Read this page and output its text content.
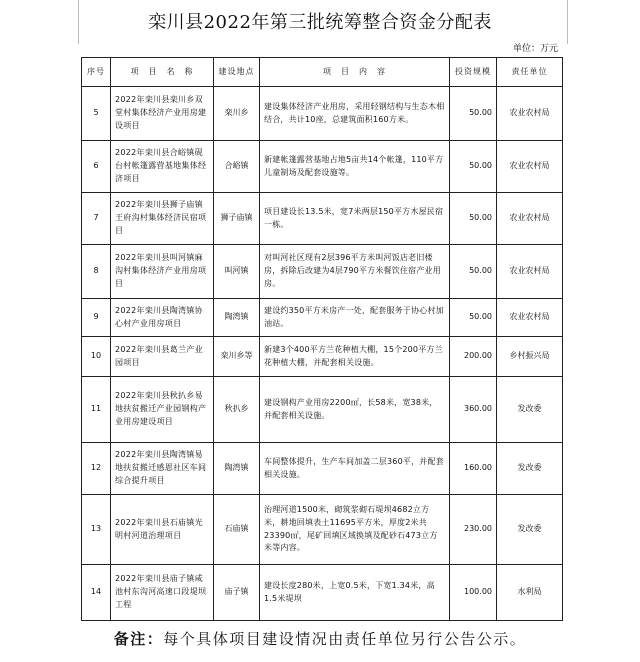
栾川县2022年第三批统筹整合资金分配表
单位：万元
序号	项　目　名　称	建设地点	项　目　内　容	投资规模	责任单位
5	2022年栾川县栾川乡双堂村集体经济产业用房建设项目	栾川乡	建设集体经济产业用房，采用轻钢结构与生态木相结合，共计10座，总建筑面积160方米。	50.00	农业农村局
6	2022年栾川县合峪镇砚台村帐篷露营基地集体经济项目	合峪镇	新建帐篷露营基地占地5亩共14个帐篷，110平方儿童制场及配套设施等。	50.00	农业农村局
7	2022年栾川县狮子庙镇王府沟村集体经济民宿项目	狮子庙镇	项目建设长13.5米，宽7米两层150平方木屋民宿一栋。	50.00	农业农村局
8	2022年栾川县叫河镇麻沟村集体经济产业用房项目	叫河镇	对叫河社区现有2层396平方米叫河饭店老旧楼房，拆除后改建为4层790平方米餐饮住宿产业用房。	50.00	农业农村局
9	2022年栾川县陶湾镇协心村产业用房项目	陶湾镇	建设约350平方米房产一处，配套服务于协心村加油站。	50.00	农业农村局
10	2022年栾川县葛兰产业园项目	栾川乡等	新建3个400平方兰花种植大棚，15个200平方兰花种植大棚，并配套相关设施。	200.00	乡村振兴局
11	2022年栾川县秋扒乡易地扶贫搬迁产业园钢构产业用房建设项目	秋扒乡	建设钢构产业用房2200㎡，长58米，宽38米，并配套相关设施。	360.00	发改委
12	2022年栾川县陶湾镇易地扶贫搬迁感恩社区车间综合提升项目	陶湾镇	车间整体提升，生产车间加盖二层360平，并配套相关设施。	160.00	发改委
13	2022年栾川县石庙镇光明村河道治理项目	石庙镇	治理河道1500米，砌筑浆砌石堤坝4682立方米，耕地回填表土11695平方米，厚度2米共23390㎡，尾矿回填区域换填及配砂石473立方米等内容。	230.00	发改委
14	2022年栾川县庙子镇咸池村东沟河高速口段堤坝工程	庙子镇	建设长度280米，上宽0.5米，下宽1.34米，高1.5米堤坝	100.00	水利局
备注：每个具体项目建设情况由责任单位另行公告公示。
